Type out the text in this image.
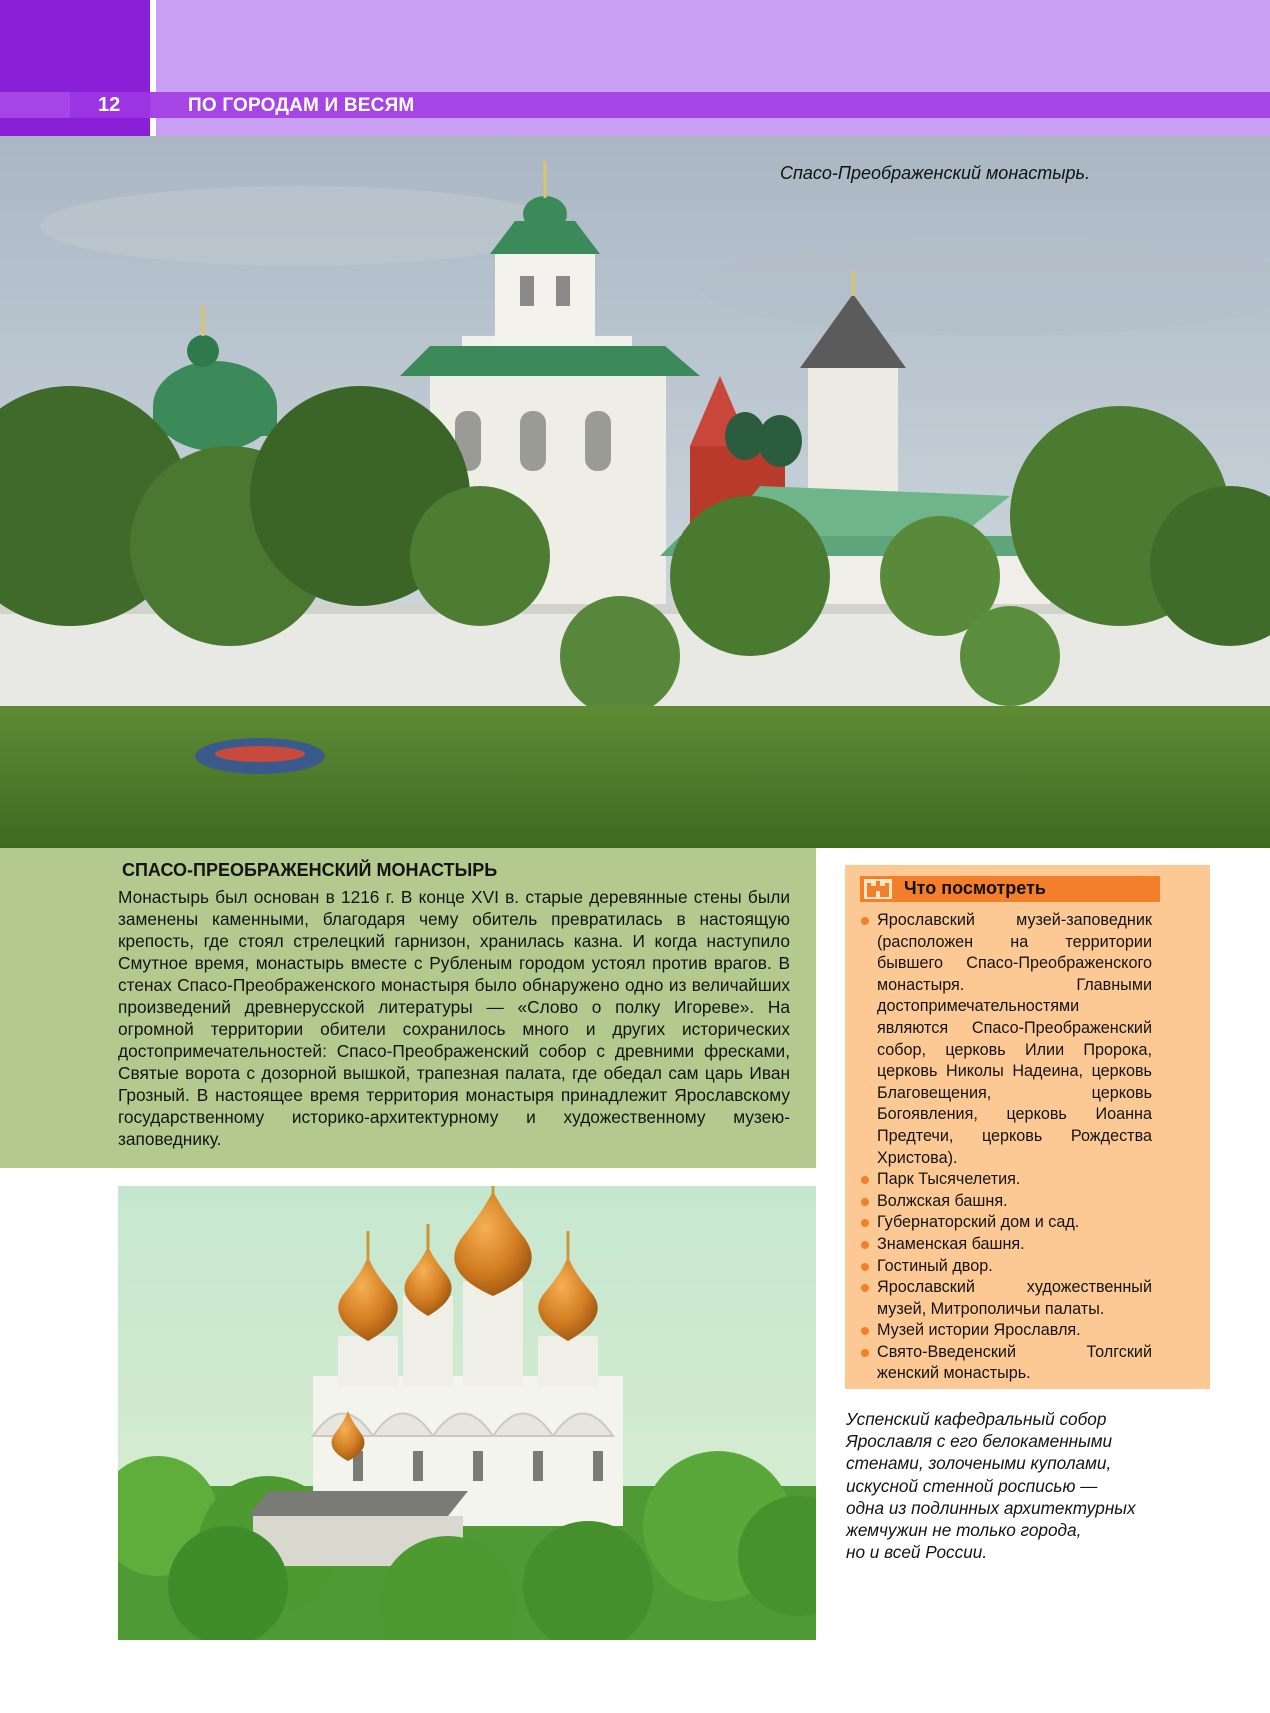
12	ПО ГОРОДАМ И ВЕСЯМ
Спасо-Преображенский монастырь.
СПАСО-ПРЕОБРАЖЕНСКИЙ МОНАСТЫРЬ
Монастырь был основан в 1216 г. В конце XVI в. старые деревянные стены были заменены каменными, благодаря чему обитель превратилась в настоящую крепость, где стоял стрелецкий гарнизон, хранилась казна. И когда наступило Смутное время, монастырь вместе с Рубленым городом устоял против врагов. В стенах Спасо-Преображенского монастыря было обнаружено одно из величайших произведений древнерусской литературы — «Слово о полку Игореве». На огромной территории обители сохранилось много и других исторических достопримечательностей: Спасо-Преображенский собор с древними фресками, Святые ворота с дозорной вышкой, трапезная палата, где обедал сам царь Иван Грозный. В настоящее время территория монастыря принадлежит Ярославскому государственному историко-архитектурному и художественному музею-заповеднику.
Что посмотреть
Ярославский музей-заповедник (расположен на территории бывшего Спасо-Преображенского монастыря. Главными достопримечательностями являются Спасо-Преображенский собор, церковь Илии Пророка, церковь Николы Надеина, церковь Благовещения, церковь Богоявления, церковь Иоанна Предтечи, церковь Рождества Христова).
Парк Тысячелетия.
Волжская башня.
Губернаторский дом и сад.
Знаменская башня.
Гостиный двор.
Ярославский художественный музей, Митрополичьи палаты.
Музей истории Ярославля.
Свято-Введенский Толгский женский монастырь.
Успенский кафедральный собор
Ярославля с его белокаменными
стенами, золочеными куполами,
искусной стенной росписью —
одна из подлинных архитектурных
жемчужин не только города,
но и всей России.
